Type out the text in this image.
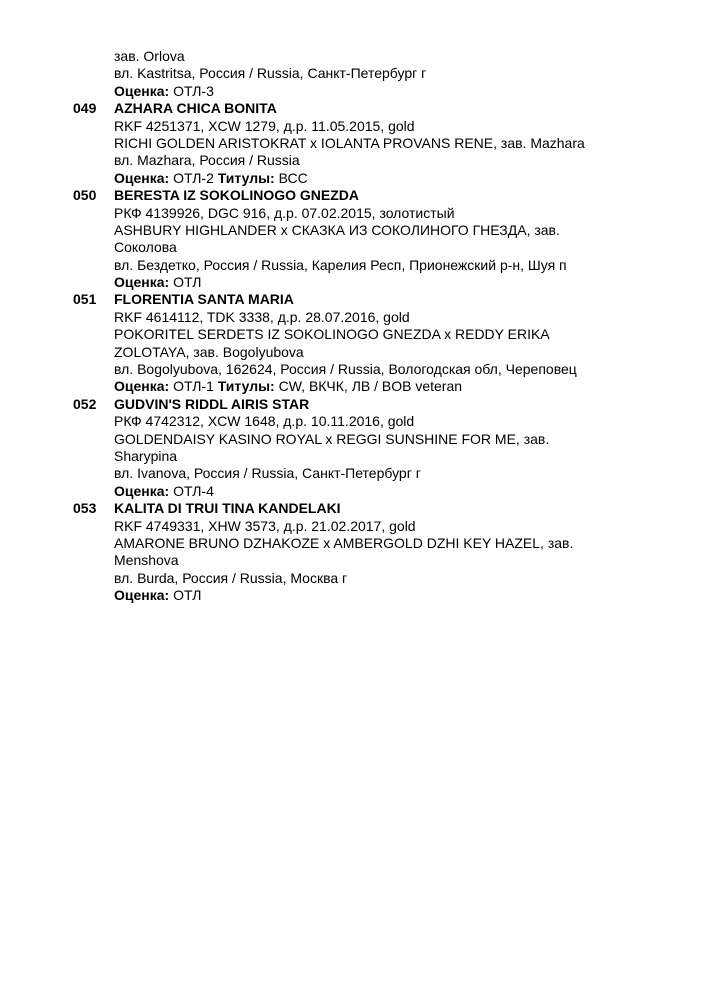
зав. Orlova
вл. Kastritsa, Россия / Russia, Санкт-Петербург г
Оценка: ОТЛ-3
049 AZHARA CHICA BONITA
RKF 4251371, XCW 1279, д.р. 11.05.2015, gold
RICHI GOLDEN ARISTOKRAT x IOLANTA PROVANS RENE, зав. Mazhara
вл. Mazhara, Россия / Russia
Оценка: ОТЛ-2 Титулы: ВСС
050 BERESTA IZ SOKOLINOGO GNEZDA
РКФ 4139926, DGC 916, д.р. 07.02.2015, золотистый
ASHBURY HIGHLANDER x СКАЗКА ИЗ СОКОЛИНОГО ГНЕЗДА, зав.
Соколова
вл. Бездетко, Россия / Russia, Карелия Респ, Прионежский р-н, Шуя п
Оценка: ОТЛ
051 FLORENTIA SANTA MARIA
RKF 4614112, TDK 3338, д.р. 28.07.2016, gold
POKORITEL SERDETS IZ SOKOLINOGO GNEZDA x REDDY ERIKA
ZOLOTAYA, зав. Bogolyubova
вл. Bogolyubova, 162624, Россия / Russia, Вологодская обл, Череповец
Оценка: ОТЛ-1 Титулы: CW, ВКЧК, ЛВ / BOB veteran
052 GUDVIN'S RIDDL AIRIS STAR
РКФ 4742312, XCW 1648, д.р. 10.11.2016, gold
GOLDENDAISY KASINO ROYAL x REGGI SUNSHINE FOR ME, зав.
Sharypina
вл. Ivanova, Россия / Russia, Санкт-Петербург г
Оценка: ОТЛ-4
053 KALITA DI TRUI TINA KANDELAKI
RKF 4749331, XHW 3573, д.р. 21.02.2017, gold
AMARONE BRUNO DZHAKOZE x AMBERGOLD DZHI KEY HAZEL, зав.
Menshova
вл. Burda, Россия / Russia, Москва г
Оценка: ОТЛ
